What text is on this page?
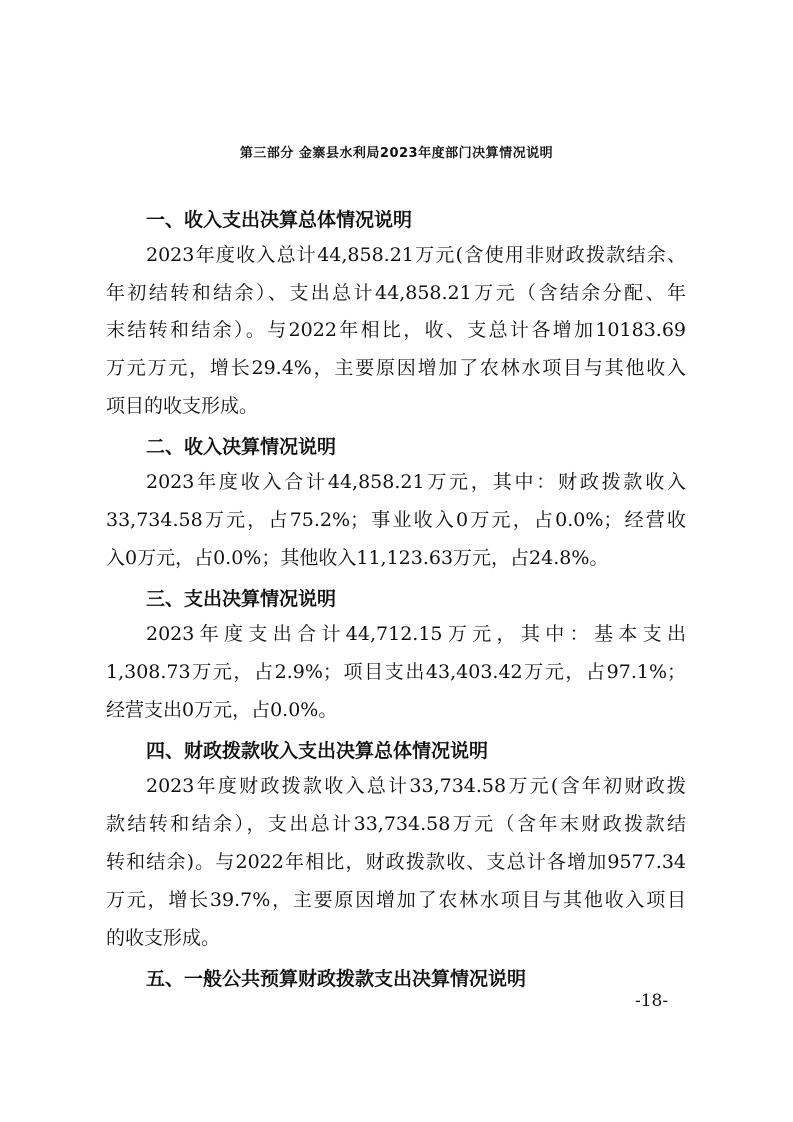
第三部分 金寨县水利局2023年度部门决算情况说明
一、收入支出决算总体情况说明
2023年度收入总计44,858.21万元(含使用非财政拨款结余、
年初结转和结余）、支出总计44,858.21万元（含结余分配、年
末结转和结余）。与2022年相比，收、支总计各增加10183.69
万元万元，增长29.4%，主要原因增加了农林水项目与其他收入
项目的收支形成。
二、收入决算情况说明
2023年度收入合计44,858.21万元，其中：财政拨款收入
33,734.58万元，占75.2%；事业收入0万元，占0.0%；经营收
入0万元，占0.0%；其他收入11,123.63万元，占24.8%。
三、支出决算情况说明
2023年度支出合计44,712.15万元，其中：基本支出
1,308.73万元，占2.9%；项目支出43,403.42万元，占97.1%；
经营支出0万元，占0.0%。
四、财政拨款收入支出决算总体情况说明
2023年度财政拨款收入总计33,734.58万元(含年初财政拨
款结转和结余），支出总计33,734.58万元（含年末财政拨款结
转和结余)。与2022年相比，财政拨款收、支总计各增加9577.34
万元，增长39.7%，主要原因增加了农林水项目与其他收入项目
的收支形成。
五、一般公共预算财政拨款支出决算情况说明
-18-
